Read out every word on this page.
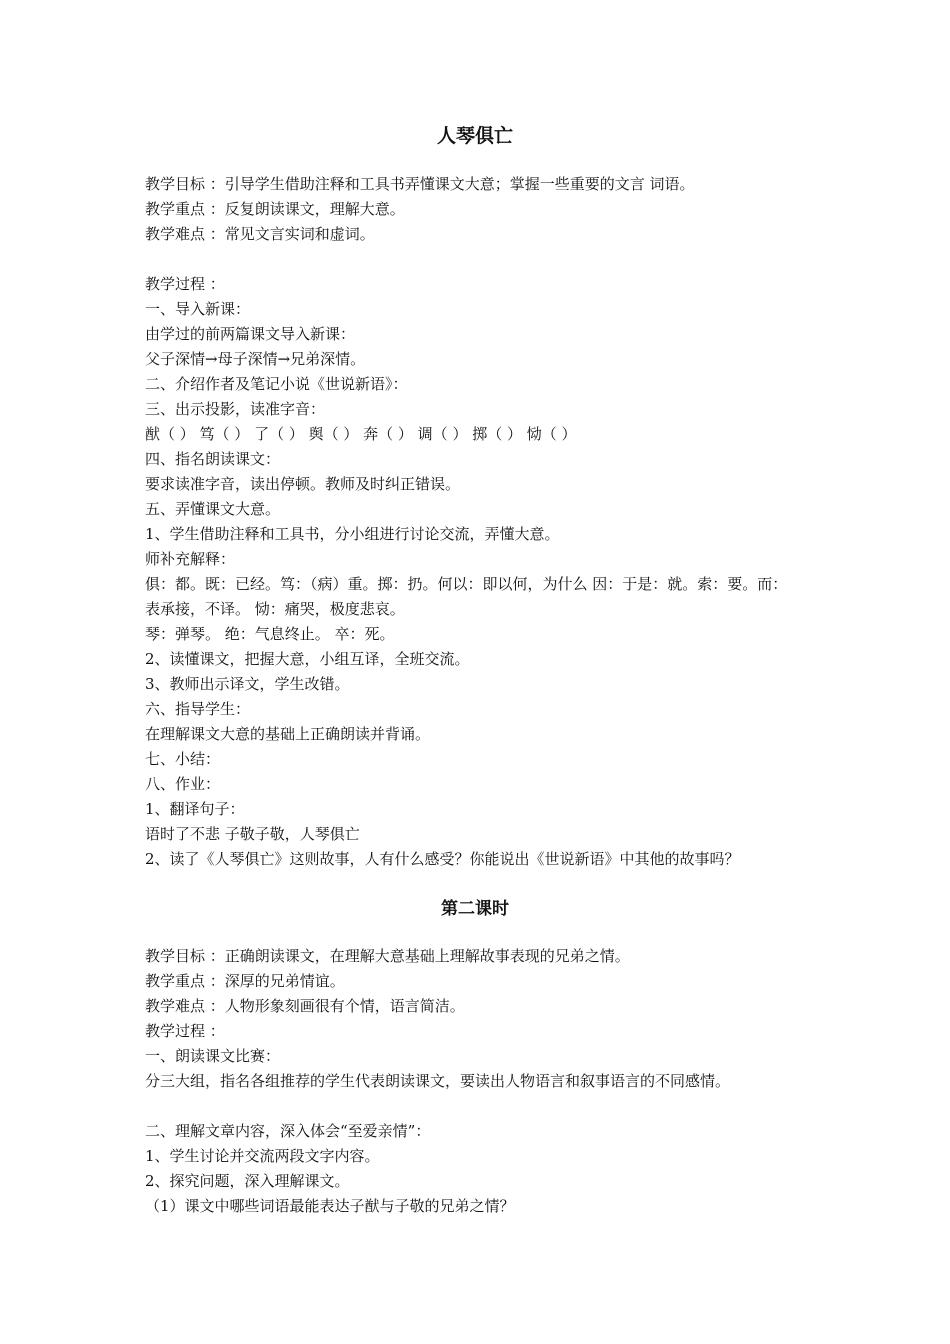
人琴俱亡
教学目标 ：引导学生借助注释和工具书弄懂课文大意；掌握一些重要的文言 词语。
教学重点 ：反复朗读课文，理解大意。
教学难点 ：常见文言实词和虚词。
教学过程 ：
一、导入新课：
由学过的前两篇课文导入新课：
父子深情→母子深情→兄弟深情。
二、介绍作者及笔记小说《世说新语》：
三、出示投影，读准字音：
猷（ ） 笃（ ） 了（ ） 舆（ ） 奔（ ） 调（ ） 掷（ ） 恸（ ）
四、指名朗读课文：
要求读准字音，读出停顿。教师及时纠正错误。
五、弄懂课文大意。
1、学生借助注释和工具书，分小组进行讨论交流，弄懂大意。
师补充解释：
俱：都。既：已经。笃：（病）重。掷：扔。何以：即以何，为什么 因：于是：就。索：要。而：
表承接，不译。 恸：痛哭，极度悲哀。
琴：弹琴。 绝：气息终止。 卒：死。
2、读懂课文，把握大意，小组互译，全班交流。
3、教师出示译文，学生改错。
六、指导学生：
在理解课文大意的基础上正确朗读并背诵。
七、小结：
八、作业：
1、翻译句子：
语时了不悲 子敬子敬，人琴俱亡
2、读了《人琴俱亡》这则故事，人有什么感受？你能说出《世说新语》中其他的故事吗？
第二课时
教学目标 ：正确朗读课文，在理解大意基础上理解故事表现的兄弟之情。
教学重点 ：深厚的兄弟情谊。
教学难点 ：人物形象刻画很有个情，语言简洁。
教学过程 ：
一、朗读课文比赛：
分三大组，指名各组推荐的学生代表朗读课文，要读出人物语言和叙事语言的不同感情。
二、理解文章内容，深入体会“至爱亲情”：
1、学生讨论并交流两段文字内容。
2、探究问题，深入理解课文。
（1）课文中哪些词语最能表达子猷与子敬的兄弟之情？
